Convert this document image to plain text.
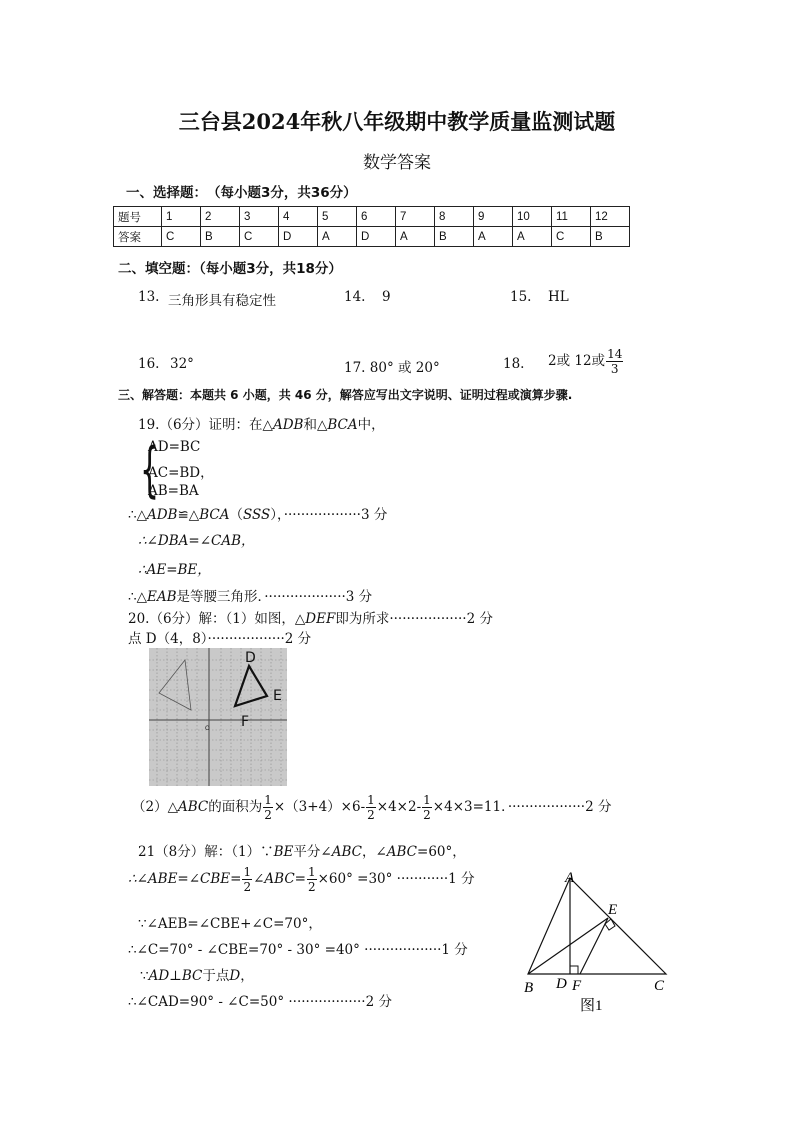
三台县2024年秋八年级期中教学质量监测试题
数学答案
一、选择题：　（每小题3分，共36分）
题号	1	2	3	4	5	6	7	8	9	10	11	12
答案	C	B	C	D	A	D	A	B	A	A	C	B
二、填空题：（每小题3分，共18分）
13. 三角形具有稳定性	14. 9	15. HL
16. 32°	17. 80° 或 20°	18. 2或 12或 $\frac{14}{3}$
三、解答题：本题共 6 小题，共 46 分，解答应写出文字说明、证明过程或演算步骤.
19.（6分）证明：在△ADB和△BCA中，
{
AD=BC
AC=BD，
AB=BA
∴△ADB≌△BCA（SSS），··················3 分
∴∠DBA=∠CAB，
∴AE=BE，
∴△EAB是等腰三角形．···················3 分
20.（6分）解：（1）如图，△DEF即为所求··················2 分
点 D（4，8）··················2 分
D
E
F
O
（2）△ABC的面积为 $\frac{1}{2} \times(3+4)\times 6- \frac{1}{2} \times 4\times 2- \frac{1}{2} \times 4\times 3=11$．··················2 分
21（8分）解：（1）∵BE平分∠ABC，∠ABC=60°，
∴∠ABE=∠CBE= $\frac{1}{2}$ ∠ABC= $\frac{1}{2} \times 60^\circ =30^\circ \cdot\cdot\cdot\cdot\cdot\cdot\cdot\cdot\cdot\cdot\cdot\cdot 1$ 分
∵∠AEB=∠CBE+∠C=70°，
∴∠C=70° - ∠CBE=70° - 30° =40° ··················1 分
∵AD⊥BC于点D，
∴∠CAD=90° - ∠C=50° ··················2 分
A
B	C
D
E
F
图1
